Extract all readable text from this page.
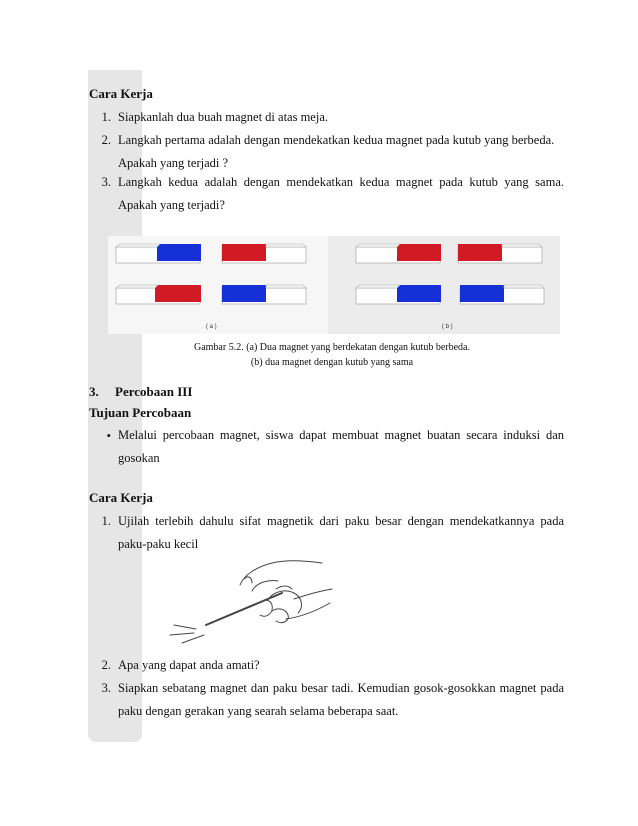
Cara Kerja
1. Siapkanlah dua buah magnet di atas meja.
2. Langkah pertama adalah dengan mendekatkan kedua magnet pada kutub yang berbeda.
Apakah yang terjadi ?
3. Langkah kedua adalah dengan mendekatkan kedua magnet pada kutub yang sama.
Apakah yang terjadi?
( a )	( b )
Gambar 5.2. (a) Dua magnet yang berdekatan dengan kutub berbeda.
(b) dua magnet dengan kutub yang sama
3. Percobaan III
Tujuan Percobaan
• Melalui percobaan magnet, siswa dapat membuat magnet buatan secara induksi dan
gosokan
Cara Kerja
1. Ujilah terlebih dahulu sifat magnetik dari paku besar dengan mendekatkannya pada
paku-paku kecil
2. Apa yang dapat anda amati?
3. Siapkan sebatang magnet dan paku besar tadi. Kemudian gosok-gosokkan magnet pada
paku dengan gerakan yang searah selama beberapa saat.
